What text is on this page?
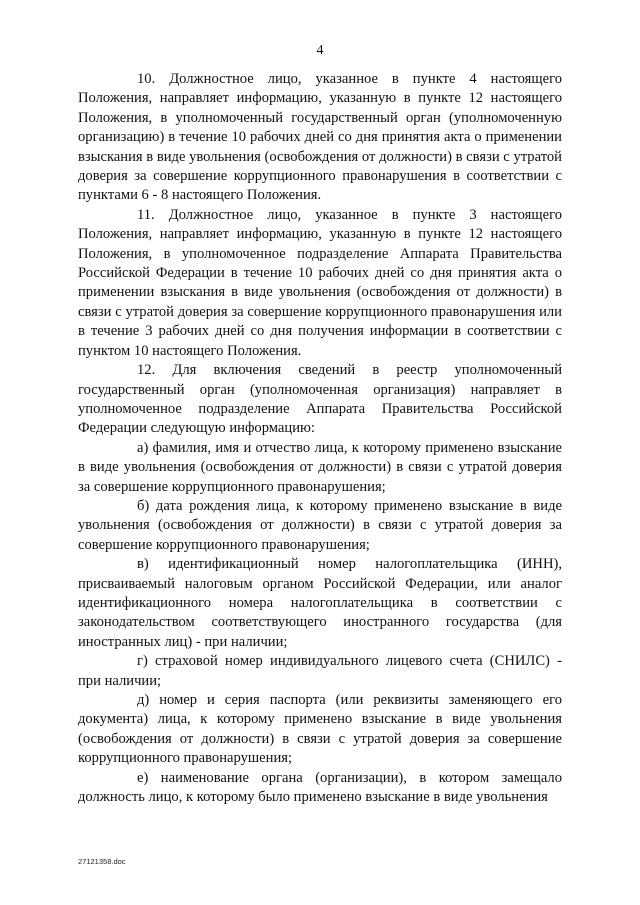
4

10. Должностное лицо, указанное в пункте 4 настоящего Положения, направляет информацию, указанную в пункте 12 настоящего Положения, в уполномоченный государственный орган (уполномоченную организацию) в течение 10 рабочих дней со дня принятия акта о применении взыскания в виде увольнения (освобождения от должности) в связи с утратой доверия за совершение коррупционного правонарушения в соответствии с пунктами 6 - 8 настоящего Положения.

11. Должностное лицо, указанное в пункте 3 настоящего Положения, направляет информацию, указанную в пункте 12 настоящего Положения, в уполномоченное подразделение Аппарата Правительства Российской Федерации в течение 10 рабочих дней со дня принятия акта о применении взыскания в виде увольнения (освобождения от должности) в связи с утратой доверия за совершение коррупционного правонарушения или в течение 3 рабочих дней со дня получения информации в соответствии с пунктом 10 настоящего Положения.

12. Для включения сведений в реестр уполномоченный государственный орган (уполномоченная организация) направляет в уполномоченное подразделение Аппарата Правительства Российской Федерации следующую информацию:

а) фамилия, имя и отчество лица, к которому применено взыскание в виде увольнения (освобождения от должности) в связи с утратой доверия за совершение коррупционного правонарушения;

б) дата рождения лица, к которому применено взыскание в виде увольнения (освобождения от должности) в связи с утратой доверия за совершение коррупционного правонарушения;

в) идентификационный номер налогоплательщика (ИНН), присваиваемый налоговым органом Российской Федерации, или аналог идентификационного номера налогоплательщика в соответствии с законодательством соответствующего иностранного государства (для иностранных лиц) - при наличии;

г) страховой номер индивидуального лицевого счета (СНИЛС) - при наличии;

д) номер и серия паспорта (или реквизиты заменяющего его документа) лица, к которому применено взыскание в виде увольнения (освобождения от должности) в связи с утратой доверия за совершение коррупционного правонарушения;

е) наименование органа (организации), в котором замещало должность лицо, к которому было применено взыскание в виде увольнения

27121358.doc
